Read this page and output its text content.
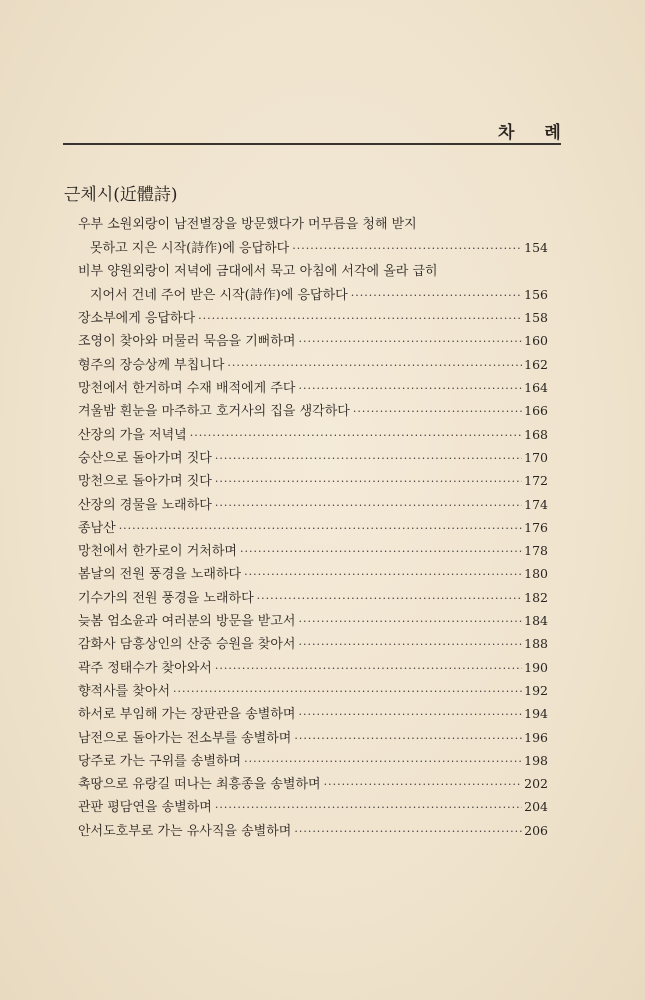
차 례
근체시(近體詩)
우부 소원외랑이 남전별장을 방문했다가 머무름을 청해 받지
못하고 지은 시작(詩作)에 응답하다 ·····	154
비부 양원외랑이 저녁에 금대에서 묵고 아침에 서각에 올라 급히
지어서 건네 주어 받은 시작(詩作)에 응답하다 ·····	156
장소부에게 응답하다 ·····	158
조영이 찾아와 머물러 묵음을 기뻐하며 ·····	160
형주의 장승상께 부칩니다 ·····	162
망천에서 한거하며 수재 배적에게 주다 ·····	164
겨울밤 흰눈을 마주하고 호거사의 집을 생각하다 ·····	166
산장의 가을 저녁녘 ·····	168
숭산으로 돌아가며 짓다 ·····	170
망천으로 돌아가며 짓다 ·····	172
산장의 경물을 노래하다 ·····	174
종남산 ·····	176
망천에서 한가로이 거처하며 ·····	178
봄날의 전원 풍경을 노래하다 ·····	180
기수가의 전원 풍경을 노래하다 ·····	182
늦봄 엄소윤과 여러분의 방문을 받고서 ·····	184
감화사 담흥상인의 산중 승원을 찾아서 ·····	188
곽주 정태수가 찾아와서 ·····	190
향적사를 찾아서 ·····	192
하서로 부임해 가는 장판관을 송별하며 ·····	194
남전으로 돌아가는 전소부를 송별하며 ·····	196
당주로 가는 구위를 송별하며 ·····	198
촉땅으로 유랑길 떠나는 최흥종을 송별하며 ·····	202
관판 평담연을 송별하며 ·····	204
안서도호부로 가는 유사직을 송별하며 ·····	206
